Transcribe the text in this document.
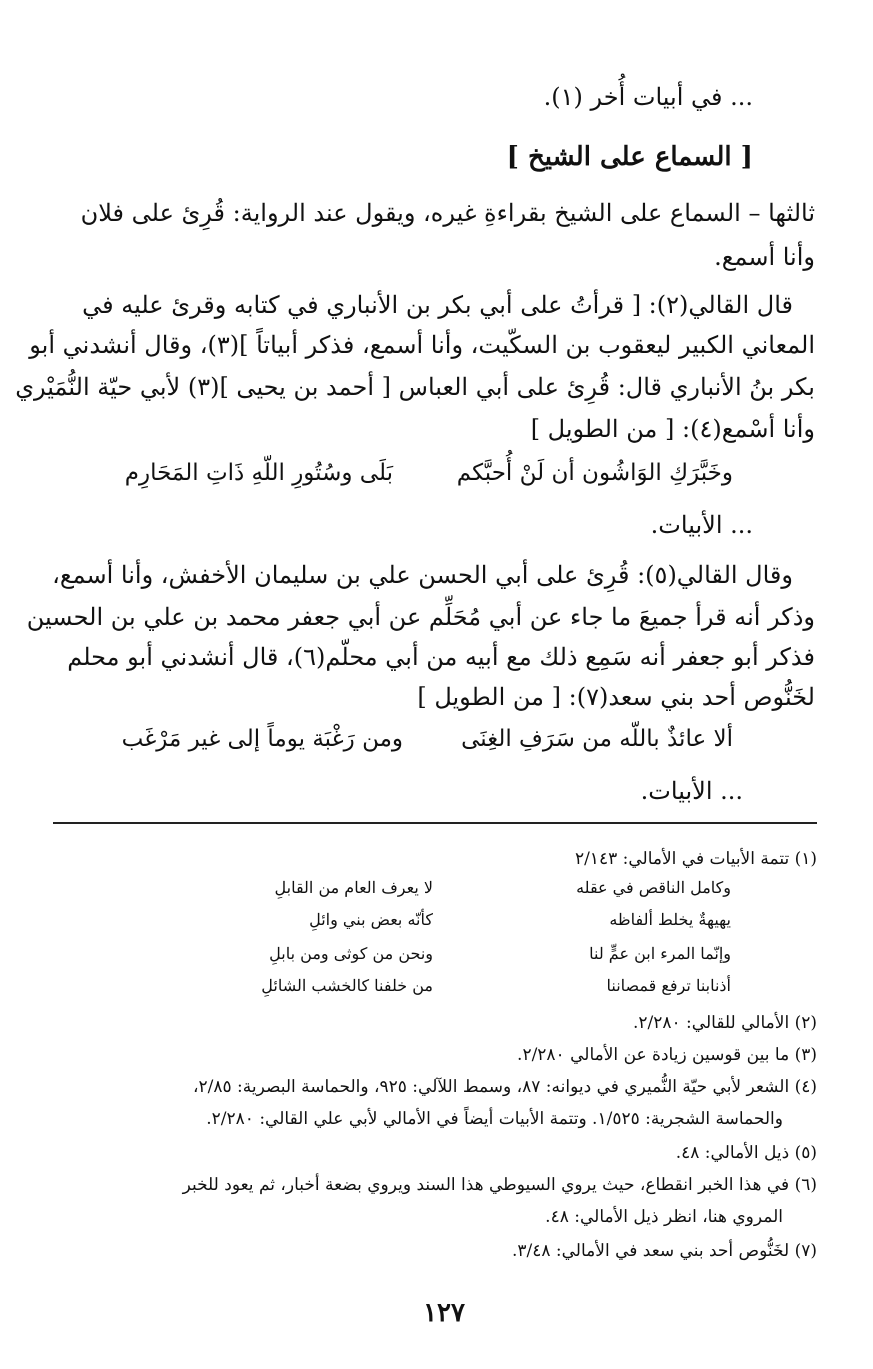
... في أبيات أُخر (١).
[ السماع على الشيخ ]
ثالثها – السماع على الشيخ بقراءةِ غيره، ويقول عند الرواية: قُرِئ على فلان
وأنا أسمع.
قال القالي(٢): [ قرأتُ على أبي بكر بن الأنباري في كتابه وقرئ عليه في
المعاني الكبير ليعقوب بن السكّيت، وأنا أسمع، فذكر أبياتاً ](٣)، وقال أنشدني أبو
بكر بنُ الأنباري قال: قُرِئ على أبي العباس [ أحمد بن يحيى ](٣) لأبي حيّة النُّمَيْري
وأنا أسْمع(٤): [ من الطويل ]
وخَبَّرَكِ الوَاشُون أن لَنْ أُحبَّكم
بَلَى وسُتُورِ اللّهِ ذَاتِ المَحَارِم
... الأبيات.
وقال القالي(٥): قُرِئ على أبي الحسن علي بن سليمان الأخفش، وأنا أسمع،
وذكر أنه قرأ جميعَ ما جاء عن أبي مُحَلِّم عن أبي جعفر محمد بن علي بن الحسين
فذكر أبو جعفر أنه سَمِع ذلك مع أبيه من أبي محلّم(٦)، قال أنشدني أبو محلم
لخَنُّوص أحد بني سعد(٧): [ من الطويل ]
ألا عائذٌ باللّه من سَرَفِ الغِنَى
ومن رَغْبَة يوماً إلى غير مَرْغَب
... الأبيات.
(١) تتمة الأبيات في الأمالي: ٢/١٤٣
وكامل الناقص في عقله
لا يعرف العام من القابلِ
يهيهةٌ يخلط ألفاظه
كأنّه بعض بني وائلِ
وإنّما المرء ابن عمٍّ لنا
ونحن من كوثى ومن بابلِ
أذنابنا ترفع قمصاننا
من خلفنا كالخشب الشائلِ
(٢) الأمالي للقالي: ٢/٢٨٠.
(٣) ما بين قوسين زيادة عن الأمالي ٢/٢٨٠.
(٤) الشعر لأبي حيّة النُّميري في ديوانه: ٨٧، وسمط اللآلي: ٩٢٥، والحماسة البصرية: ٢/٨٥،
والحماسة الشجرية: ١/٥٢٥. وتتمة الأبيات أيضاً في الأمالي لأبي علي القالي: ٢/٢٨٠.
(٥) ذيل الأمالي: ٤٨.
(٦) في هذا الخبر انقطاع، حيث يروي السيوطي هذا السند ويروي بضعة أخبار، ثم يعود للخبر
المروي هنا، انظر ذيل الأمالي: ٤٨.
(٧) لخَنُّوص أحد بني سعد في الأمالي: ٣/٤٨.
١٢٧
